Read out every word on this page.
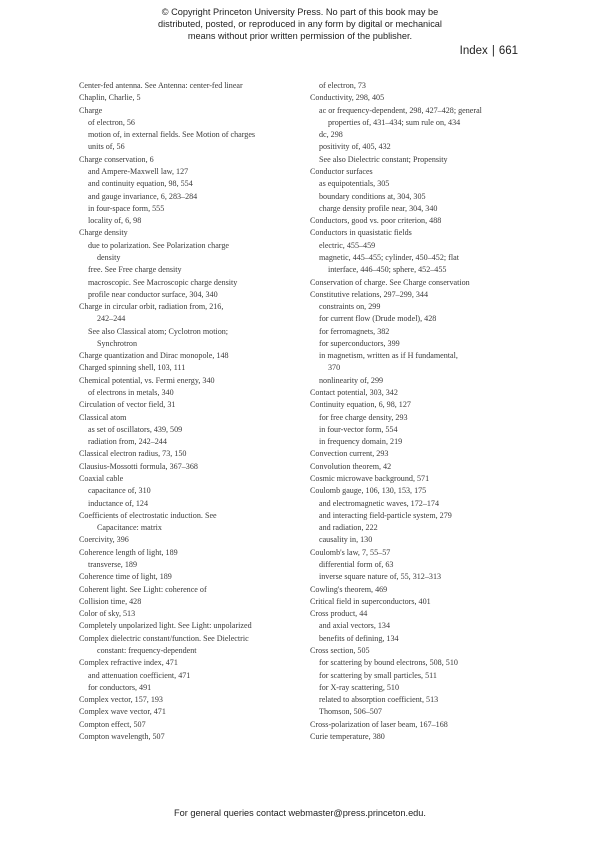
© Copyright Princeton University Press. No part of this book may be
distributed, posted, or reproduced in any form by digital or mechanical
means without prior written permission of the publisher.
Index | 661
Center-fed antenna. See Antenna: center-fed linear
Chaplin, Charlie, 5
Charge
of electron, 56
motion of, in external fields. See Motion of charges
units of, 56
Charge conservation, 6
and Ampere-Maxwell law, 127
and continuity equation, 98, 554
and gauge invariance, 6, 283–284
in four-space form, 555
locality of, 6, 98
Charge density
due to polarization. See Polarization charge
density
free. See Free charge density
macroscopic. See Macroscopic charge density
profile near conductor surface, 304, 340
Charge in circular orbit, radiation from, 216,
242–244
See also Classical atom; Cyclotron motion;
Synchrotron
Charge quantization and Dirac monopole, 148
Charged spinning shell, 103, 111
Chemical potential, vs. Fermi energy, 340
of electrons in metals, 340
Circulation of vector field, 31
Classical atom
as set of oscillators, 439, 509
radiation from, 242–244
Classical electron radius, 73, 150
Clausius-Mossotti formula, 367–368
Coaxial cable
capacitance of, 310
inductance of, 124
Coefficients of electrostatic induction. See
Capacitance: matrix
Coercivity, 396
Coherence length of light, 189
transverse, 189
Coherence time of light, 189
Coherent light. See Light: coherence of
Collision time, 428
Color of sky, 513
Completely unpolarized light. See Light: unpolarized
Complex dielectric constant/function. See Dielectric
constant: frequency-dependent
Complex refractive index, 471
and attenuation coefficient, 471
for conductors, 491
Complex vector, 157, 193
Complex wave vector, 471
Compton effect, 507
Compton wavelength, 507
of electron, 73
Conductivity, 298, 405
ac or frequency-dependent, 298, 427–428; general
properties of, 431–434; sum rule on, 434
dc, 298
positivity of, 405, 432
See also Dielectric constant; Propensity
Conductor surfaces
as equipotentials, 305
boundary conditions at, 304, 305
charge density profile near, 304, 340
Conductors, good vs. poor criterion, 488
Conductors in quasistatic fields
electric, 455–459
magnetic, 445–455; cylinder, 450–452; flat
interface, 446–450; sphere, 452–455
Conservation of charge. See Charge conservation
Constitutive relations, 297–299, 344
constraints on, 299
for current flow (Drude model), 428
for ferromagnets, 382
for superconductors, 399
in magnetism, written as if H fundamental,
370
nonlinearity of, 299
Contact potential, 303, 342
Continuity equation, 6, 98, 127
for free charge density, 293
in four-vector form, 554
in frequency domain, 219
Convection current, 293
Convolution theorem, 42
Cosmic microwave background, 571
Coulomb gauge, 106, 130, 153, 175
and electromagnetic waves, 172–174
and interacting field-particle system, 279
and radiation, 222
causality in, 130
Coulomb's law, 7, 55–57
differential form of, 63
inverse square nature of, 55, 312–313
Cowling's theorem, 469
Critical field in superconductors, 401
Cross product, 44
and axial vectors, 134
benefits of defining, 134
Cross section, 505
for scattering by bound electrons, 508, 510
for scattering by small particles, 511
for X-ray scattering, 510
related to absorption coefficient, 513
Thomson, 506–507
Cross-polarization of laser beam, 167–168
Curie temperature, 380
For general queries contact webmaster@press.princeton.edu.
